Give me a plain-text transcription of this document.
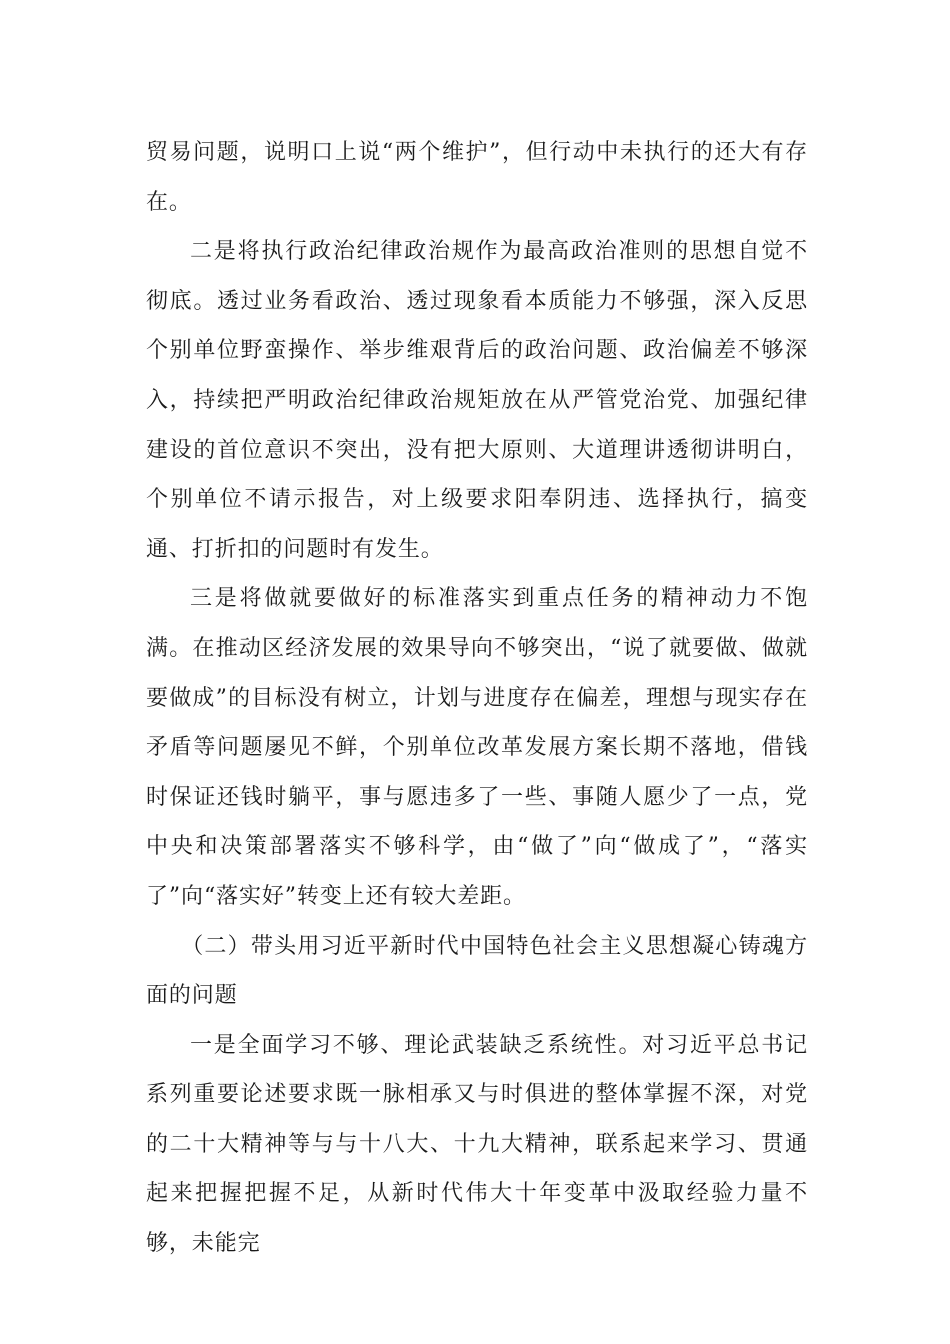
贸易问题，说明口上说“两个维护”，但行动中未执行的还大有存在。

二是将执行政治纪律政治规作为最高政治准则的思想自觉不彻底。透过业务看政治、透过现象看本质能力不够强，深入反思个别单位野蛮操作、举步维艰背后的政治问题、政治偏差不够深入，持续把严明政治纪律政治规矩放在从严管党治党、加强纪律建设的首位意识不突出，没有把大原则、大道理讲透彻讲明白，个别单位不请示报告，对上级要求阳奉阴违、选择执行，搞变通、打折扣的问题时有发生。

三是将做就要做好的标准落实到重点任务的精神动力不饱满。在推动区经济发展的效果导向不够突出，“说了就要做、做就要做成”的目标没有树立，计划与进度存在偏差，理想与现实存在矛盾等问题屡见不鲜，个别单位改革发展方案长期不落地，借钱时保证还钱时躺平，事与愿违多了一些、事随人愿少了一点，党中央和决策部署落实不够科学，由“做了”向“做成了”，“落实了”向“落实好”转变上还有较大差距。

（二）带头用习近平新时代中国特色社会主义思想凝心铸魂方面的问题

一是全面学习不够、理论武装缺乏系统性。对习近平总书记系列重要论述要求既一脉相承又与时俱进的整体掌握不深，对党的二十大精神等与与十八大、十九大精神，联系起来学习、贯通起来把握把握不足，从新时代伟大十年变革中汲取经验力量不够，未能完
